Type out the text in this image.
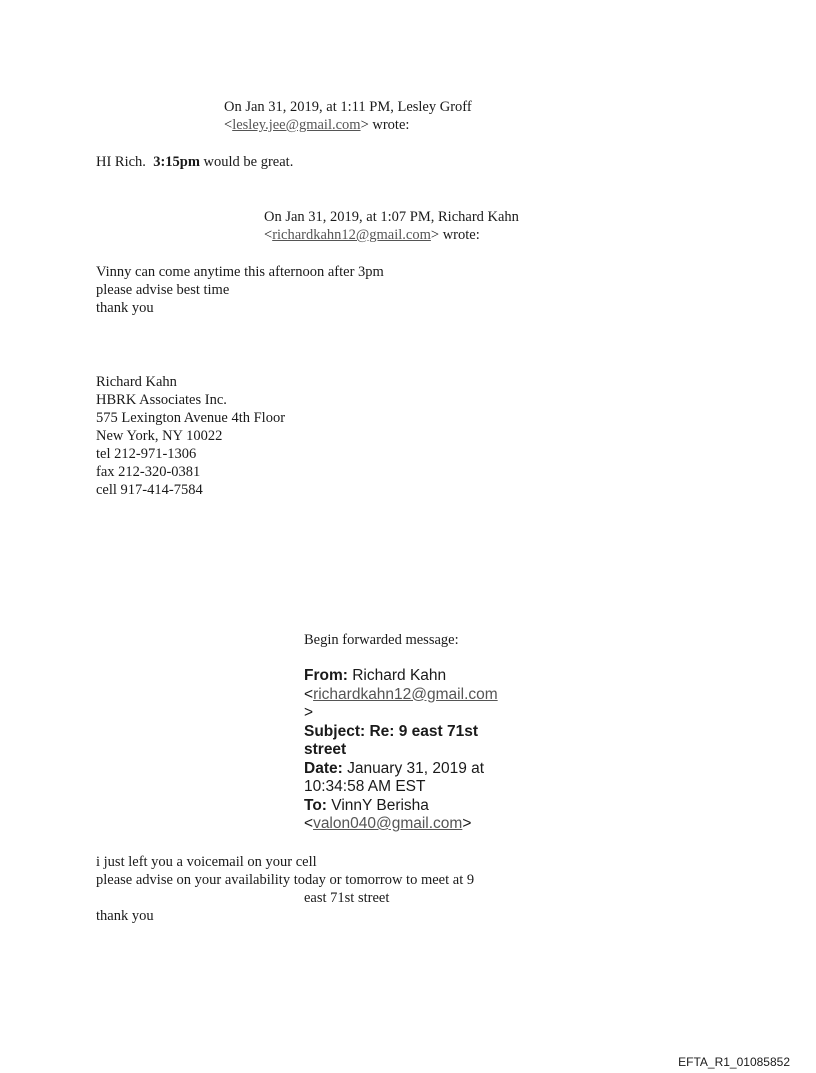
On Jan 31, 2019, at 1:11 PM, Lesley Groff
<lesley.jee@gmail.com> wrote:
HI Rich.  3:15pm would be great.
On Jan 31, 2019, at 1:07 PM, Richard Kahn
<richardkahn12@gmail.com> wrote:
Vinny can come anytime this afternoon after 3pm
please advise best time
thank you
Richard Kahn
HBRK Associates Inc.
575 Lexington Avenue 4th Floor
New York, NY 10022
tel 212-971-1306
fax 212-320-0381
cell 917-414-7584
Begin forwarded message:
From: Richard Kahn
<richardkahn12@gmail.com
>
Subject: Re: 9 east 71st
street
Date: January 31, 2019 at
10:34:58 AM EST
To: VinnY Berisha
<valon040@gmail.com>
i just left you a voicemail on your cell
please advise on your availability today or tomorrow to meet at 9
east 71st street
thank you
EFTA_R1_01085852
